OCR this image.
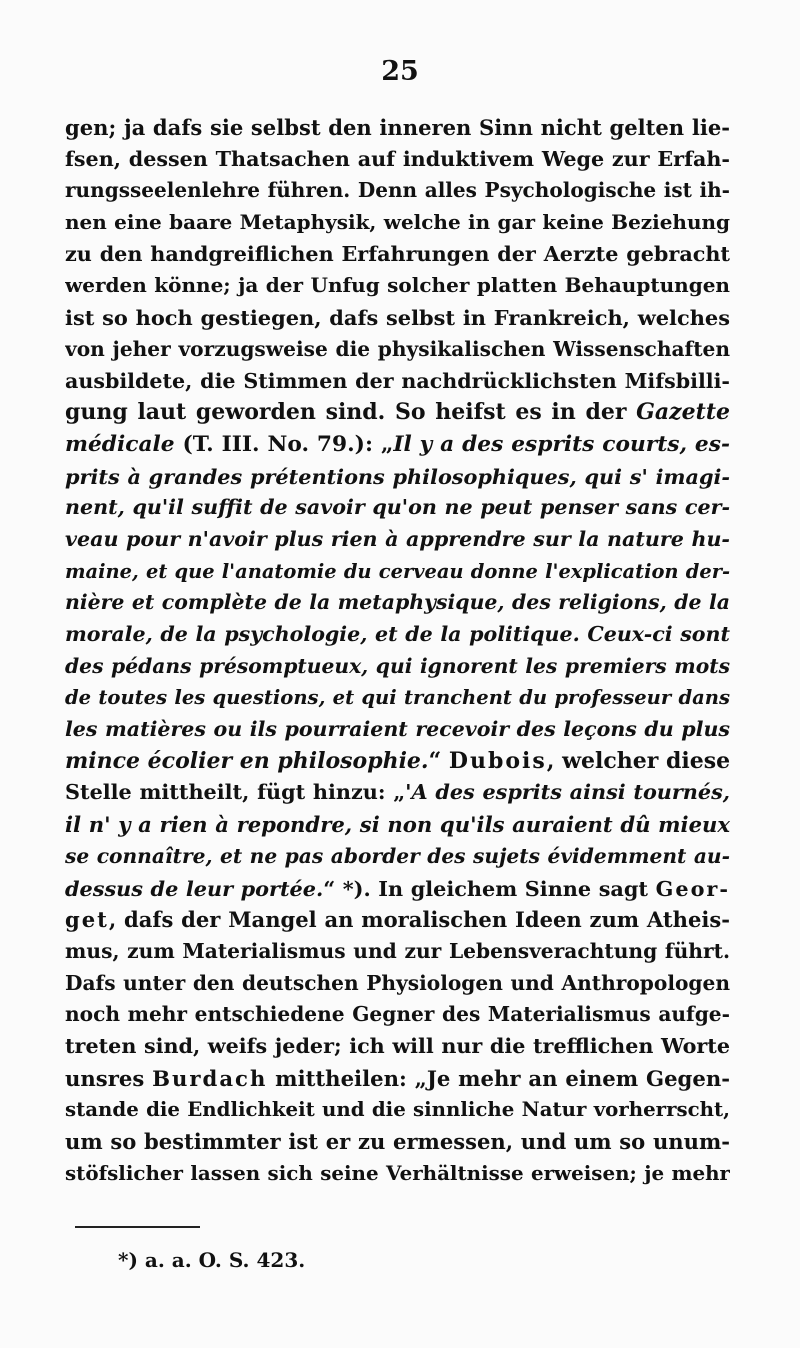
25
gen; ja dafs sie selbst den inneren Sinn nicht gelten lie-
fsen, dessen Thatsachen auf induktivem Wege zur Erfah-
rungsseelenlehre führen. Denn alles Psychologische ist ih-
nen eine baare Metaphysik, welche in gar keine Beziehung
zu den handgreiflichen Erfahrungen der Aerzte gebracht
werden könne; ja der Unfug solcher platten Behauptungen
ist so hoch gestiegen, dafs selbst in Frankreich, welches
von jeher vorzugsweise die physikalischen Wissenschaften
ausbildete, die Stimmen der nachdrücklichsten Mifsbilli-
gung laut geworden sind. So heifst es in der Gazette
médicale (T. III. No. 79.): „Il y a des esprits courts, es-
prits à grandes prétentions philosophiques, qui s' imagi-
nent, qu'il suffit de savoir qu'on ne peut penser sans cer-
veau pour n'avoir plus rien à apprendre sur la nature hu-
maine, et que l'anatomie du cerveau donne l'explication der-
nière et complète de la metaphysique, des religions, de la
morale, de la psychologie, et de la politique. Ceux-ci sont
des pédans présomptueux, qui ignorent les premiers mots
de toutes les questions, et qui tranchent du professeur dans
les matières ou ils pourraient recevoir des leçons du plus
mince écolier en philosophie.“ Dubois, welcher diese
Stelle mittheilt, fügt hinzu: „'A des esprits ainsi tournés,
il n' y a rien à repondre, si non qu'ils auraient dû mieux
se connaître, et ne pas aborder des sujets évidemment au-
dessus de leur portée.“ *). In gleichem Sinne sagt Geor-
get, dafs der Mangel an moralischen Ideen zum Atheis-
mus, zum Materialismus und zur Lebensverachtung führt.
Dafs unter den deutschen Physiologen und Anthropologen
noch mehr entschiedene Gegner des Materialismus aufge-
treten sind, weifs jeder; ich will nur die trefflichen Worte
unsres Burdach mittheilen: „Je mehr an einem Gegen-
stande die Endlichkeit und die sinnliche Natur vorherrscht,
um so bestimmter ist er zu ermessen, und um so unum-
stöfslicher lassen sich seine Verhältnisse erweisen; je mehr
*) a. a. O. S. 423.
